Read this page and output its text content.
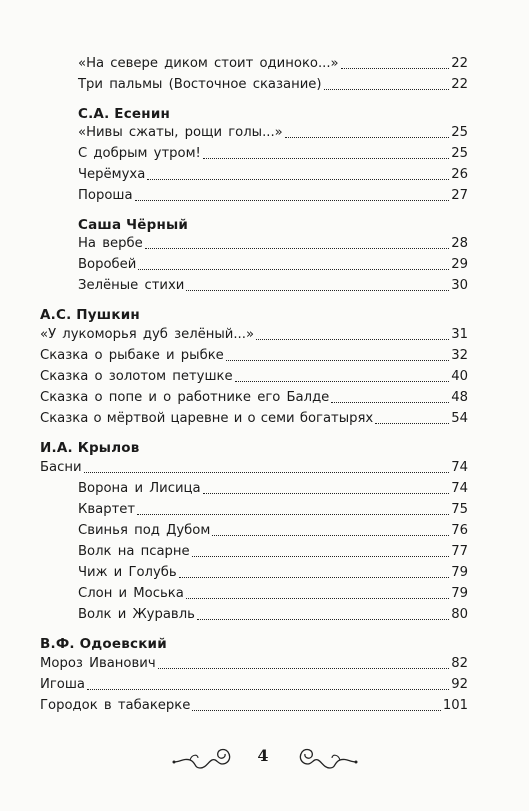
«На севере диком стоит одиноко...»	22
Три пальмы (Восточное сказание)	22
С.А. Есенин
«Нивы сжаты, рощи голы...»	25
С добрым утром!	25
Черёмуха	26
Пороша	27
Саша Чёрный
На вербе	28
Воробей	29
Зелёные стихи	30
А.С. Пушкин
«У лукоморья дуб зелёный...»	31
Сказка о рыбаке и рыбке	32
Сказка о золотом петушке	40
Сказка о попе и о работнике его Балде	48
Сказка о мёртвой царевне и о семи богатырях	54
И.А. Крылов
Басни	74
Ворона и Лисица	74
Квартет	75
Свинья под Дубом	76
Волк на псарне	77
Чиж и Голубь	79
Слон и Моська	79
Волк и Журавль	80
В.Ф. Одоевский
Мороз Иванович	82
Игоша	92
Городок в табакерке	101
4
